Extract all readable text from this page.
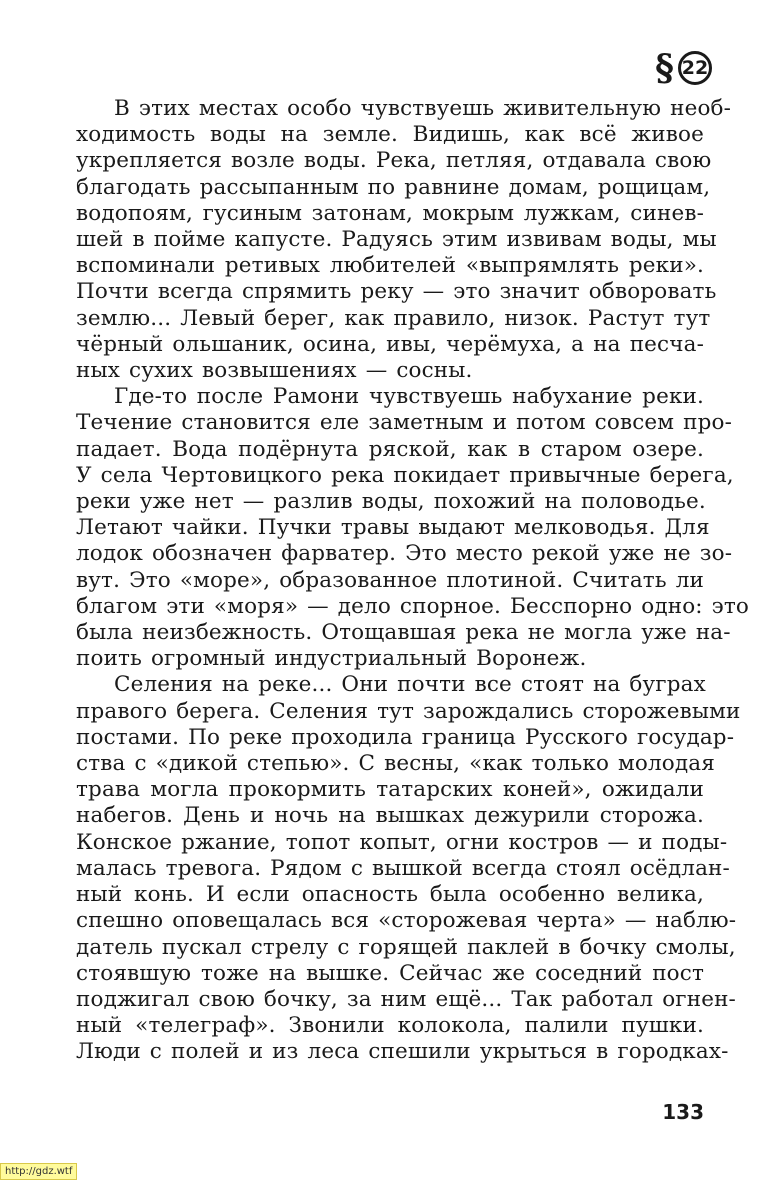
§ 22

В этих местах особо чувствуешь живительную необ-
ходимость воды на земле. Видишь, как всё живое
укрепляется возле воды. Река, петляя, отдавала свою
благодать рассыпанным по равнине домам, рощицам,
водопоям, гусиным затонам, мокрым лужкам, синев-
шей в пойме капусте. Радуясь этим извивам воды, мы
вспоминали ретивых любителей «выпрямлять реки».
Почти всегда спрямить реку — это значит обворовать
землю... Левый берег, как правило, низок. Растут тут
чёрный ольшаник, осина, ивы, черёмуха, а на песча-
ных сухих возвышениях — сосны.

Где-то после Рамони чувствуешь набухание реки.
Течение становится еле заметным и потом совсем про-
падает. Вода подёрнута ряской, как в старом озере.
У села Чертовицкого река покидает привычные берега,
реки уже нет — разлив воды, похожий на половодье.
Летают чайки. Пучки травы выдают мелководья. Для
лодок обозначен фарватер. Это место рекой уже не зо-
вут. Это «море», образованное плотиной. Считать ли
благом эти «моря» — дело спорное. Бесспорно одно: это
была неизбежность. Отощавшая река не могла уже на-
поить огромный индустриальный Воронеж.

Селения на реке... Они почти все стоят на буграх
правого берега. Селения тут зарождались сторожевыми
постами. По реке проходила граница Русского государ-
ства с «дикой степью». С весны, «как только молодая
трава могла прокормить татарских коней», ожидали
набегов. День и ночь на вышках дежурили сторожа.
Конское ржание, топот копыт, огни костров — и поды-
малась тревога. Рядом с вышкой всегда стоял осёдлан-
ный конь. И если опасность была особенно велика,
спешно оповещалась вся «сторожевая черта» — наблю-
датель пускал стрелу с горящей паклей в бочку смолы,
стоявшую тоже на вышке. Сейчас же соседний пост
поджигал свою бочку, за ним ещё... Так работал огнен-
ный «телеграф». Звонили колокола, палили пушки.
Люди с полей и из леса спешили укрыться в городках-

133
http://gdz.wtf
